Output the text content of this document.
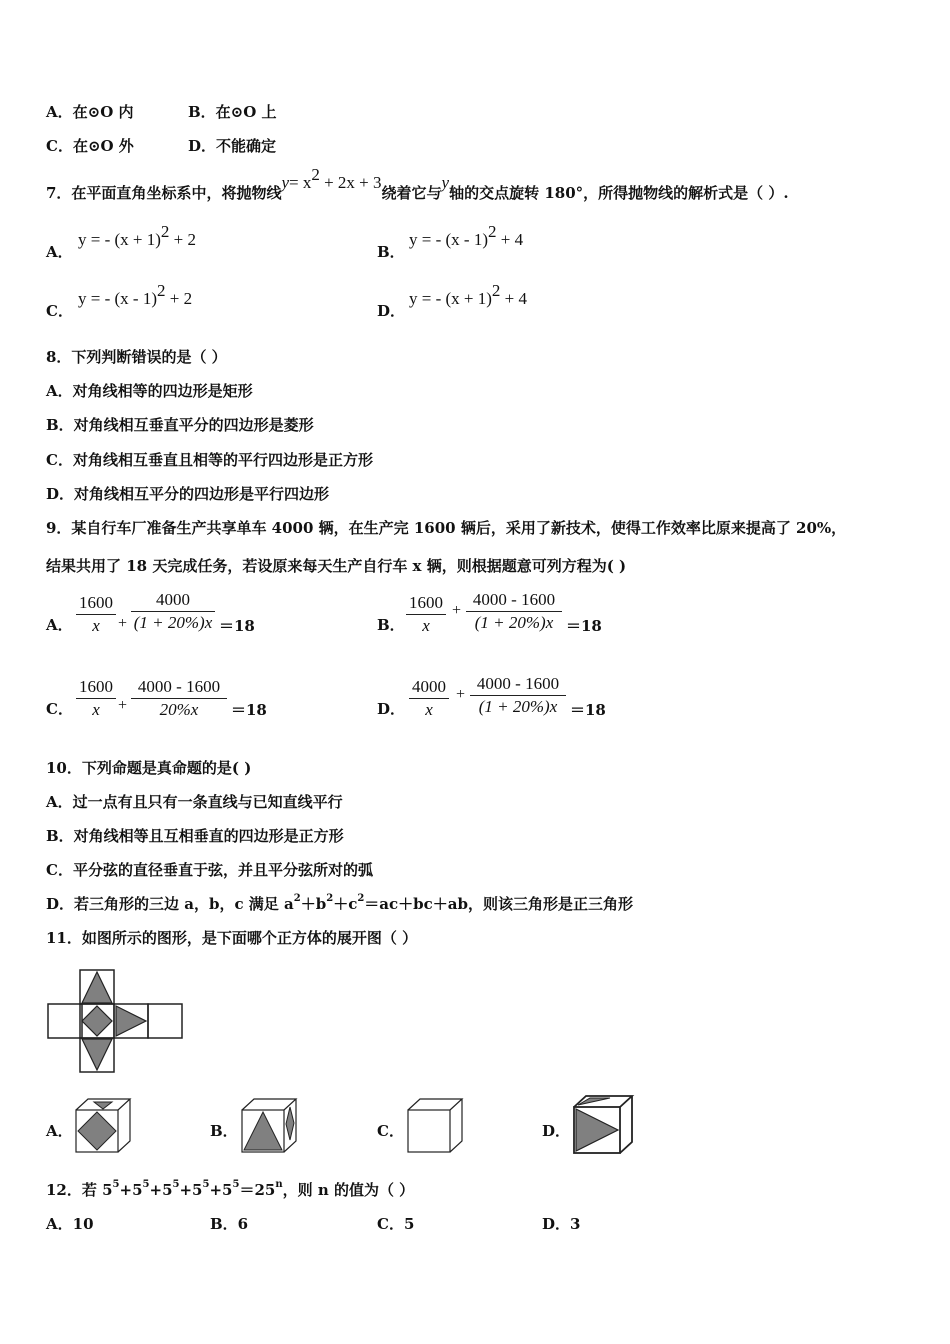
A．在⊙O 内	B．在⊙O 上
C．在⊙O 外	D．不能确定
7．在平面直角坐标系中，将抛物线$y= x^2 + 2x + 3$绕着它与y轴的交点旋转 180°，所得抛物线的解析式是（ ）.
A．
y = - $(x + 1)^2 + 2$
B．
y = - (x - 1)$^2$ + 4
C．
y = - (x - 1)$^2$ + 2
D．
y = - $(x + 1)^2 + 4$
8．下列判断错误的是（ ）
A．对角线相等的四边形是矩形
B．对角线相互垂直平分的四边形是菱形
C．对角线相互垂直且相等的平行四边形是正方形
D．对角线相互平分的四边形是平行四边形
9．某自行车厂准备生产共享单车 4000 辆，在生产完 1600 辆后，采用了新技术，使得工作效率比原来提高了 20%，
结果共用了 18 天完成任务，若设原来每天生产自行车 x 辆，则根据题意可列方程为( )
A． $\frac{1600}{x} + \frac{4000}{(1 + 20\%)x} =18$	B． $\frac{1600}{x} + \frac{4000 - 1600}{(1 + 20\%)x} =18$
C． $\frac{1600}{x} + \frac{4000 - 1600}{20\%x} =18$	D． $\frac{4000}{x} + \frac{4000 - 1600}{(1 + 20\%)x} =18$
10．下列命题是真命题的是( )
A．过一点有且只有一条直线与已知直线平行
B．对角线相等且互相垂直的四边形是正方形
C．平分弦的直径垂直于弦，并且平分弦所对的弧
D．若三角形的三边 a，b，c 满足 $a^2+b^2+c^2=ac+bc+ab$，则该三角形是正三角形
11．如图所示的图形，是下面哪个正方体的展开图（ ）
A．	B．	C．	D．
12．若 $5^5+5^5+5^5+5^5+5^5=25^n$，则 n 的值为（ ）
A．10	B．6	C．5	D．3
